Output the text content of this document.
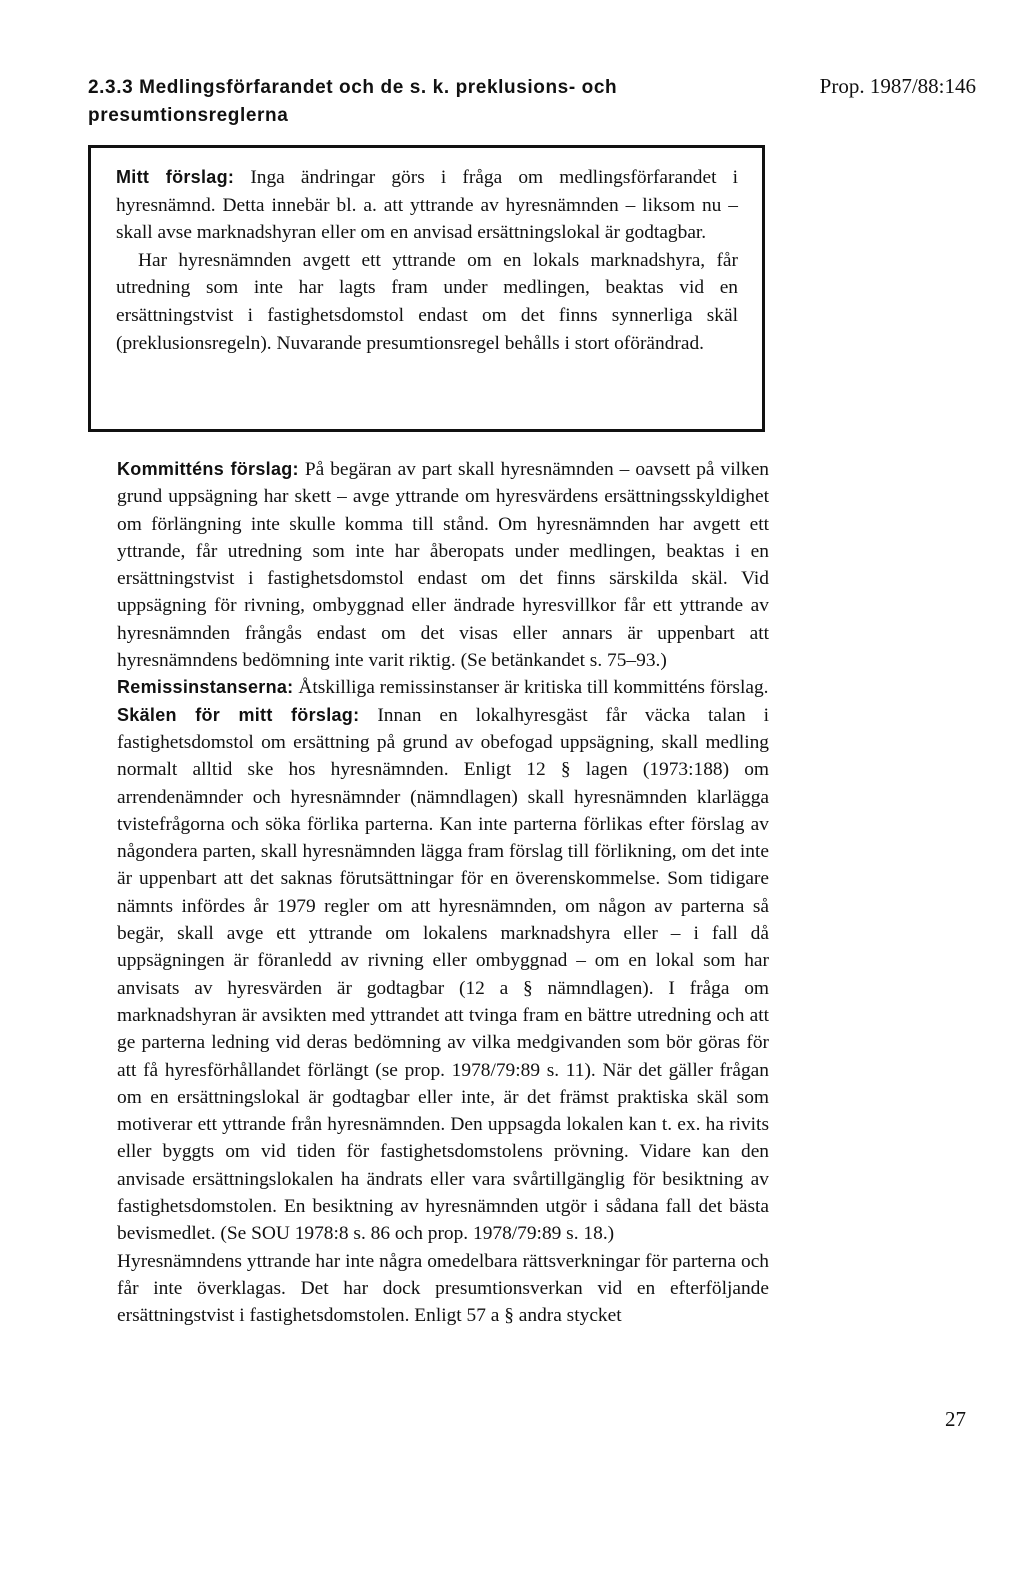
2.3.3 Medlingsförfarandet och de s. k. preklusions- och presumtionsreglerna
Prop. 1987/88:146

Mitt förslag: Inga ändringar görs i fråga om medlingsförfarandet i hyresnämnd. Detta innebär bl. a. att yttrande av hyresnämnden – liksom nu – skall avse marknadshyran eller om en anvisad ersättningslokal är godtagbar.

Har hyresnämnden avgett ett yttrande om en lokals marknadshyra, får utredning som inte har lagts fram under medlingen, beaktas vid en ersättningstvist i fastighetsdomstol endast om det finns synnerliga skäl (preklusionsregeln). Nuvarande presumtionsregel behålls i stort oförändrad.

Kommitténs förslag: På begäran av part skall hyresnämnden – oavsett på vilken grund uppsägning har skett – avge yttrande om hyresvärdens ersättningsskyldighet om förlängning inte skulle komma till stånd. Om hyresnämnden har avgett ett yttrande, får utredning som inte har åberopats under medlingen, beaktas i en ersättningstvist i fastighetsdomstol endast om det finns särskilda skäl. Vid uppsägning för rivning, ombyggnad eller ändrade hyresvillkor får ett yttrande av hyresnämnden frångås endast om det visas eller annars är uppenbart att hyresnämndens bedömning inte varit riktig. (Se betänkandet s. 75–93.)

Remissinstanserna: Åtskilliga remissinstanser är kritiska till kommitténs förslag.

Skälen för mitt förslag: Innan en lokalhyresgäst får väcka talan i fastighetsdomstol om ersättning på grund av obefogad uppsägning, skall medling normalt alltid ske hos hyresnämnden. Enligt 12 § lagen (1973:188) om arrendenämnder och hyresnämnder (nämndlagen) skall hyresnämnden klarlägga tvistefrågorna och söka förlika parterna. Kan inte parterna förlikas efter förslag av någondera parten, skall hyresnämnden lägga fram förslag till förlikning, om det inte är uppenbart att det saknas förutsättningar för en överenskommelse. Som tidigare nämnts infördes år 1979 regler om att hyresnämnden, om någon av parterna så begär, skall avge ett yttrande om lokalens marknadshyra eller – i fall då uppsägningen är föranledd av rivning eller ombyggnad – om en lokal som har anvisats av hyresvärden är godtagbar (12 a § nämndlagen). I fråga om marknadshyran är avsikten med yttrandet att tvinga fram en bättre utredning och att ge parterna ledning vid deras bedömning av vilka medgivanden som bör göras för att få hyresförhållandet förlängt (se prop. 1978/79:89 s. 11). När det gäller frågan om en ersättningslokal är godtagbar eller inte, är det främst praktiska skäl som motiverar ett yttrande från hyresnämnden. Den uppsagda lokalen kan t. ex. ha rivits eller byggts om vid tiden för fastighetsdomstolens prövning. Vidare kan den anvisade ersättningslokalen ha ändrats eller vara svårtillgänglig för besiktning av fastighetsdomstolen. En besiktning av hyresnämnden utgör i sådana fall det bästa bevismedlet. (Se SOU 1978:8 s. 86 och prop. 1978/79:89 s. 18.)

Hyresnämndens yttrande har inte några omedelbara rättsverkningar för parterna och får inte överklagas. Det har dock presumtionsverkan vid en efterföljande ersättningstvist i fastighetsdomstolen. Enligt 57 a § andra stycket

27
